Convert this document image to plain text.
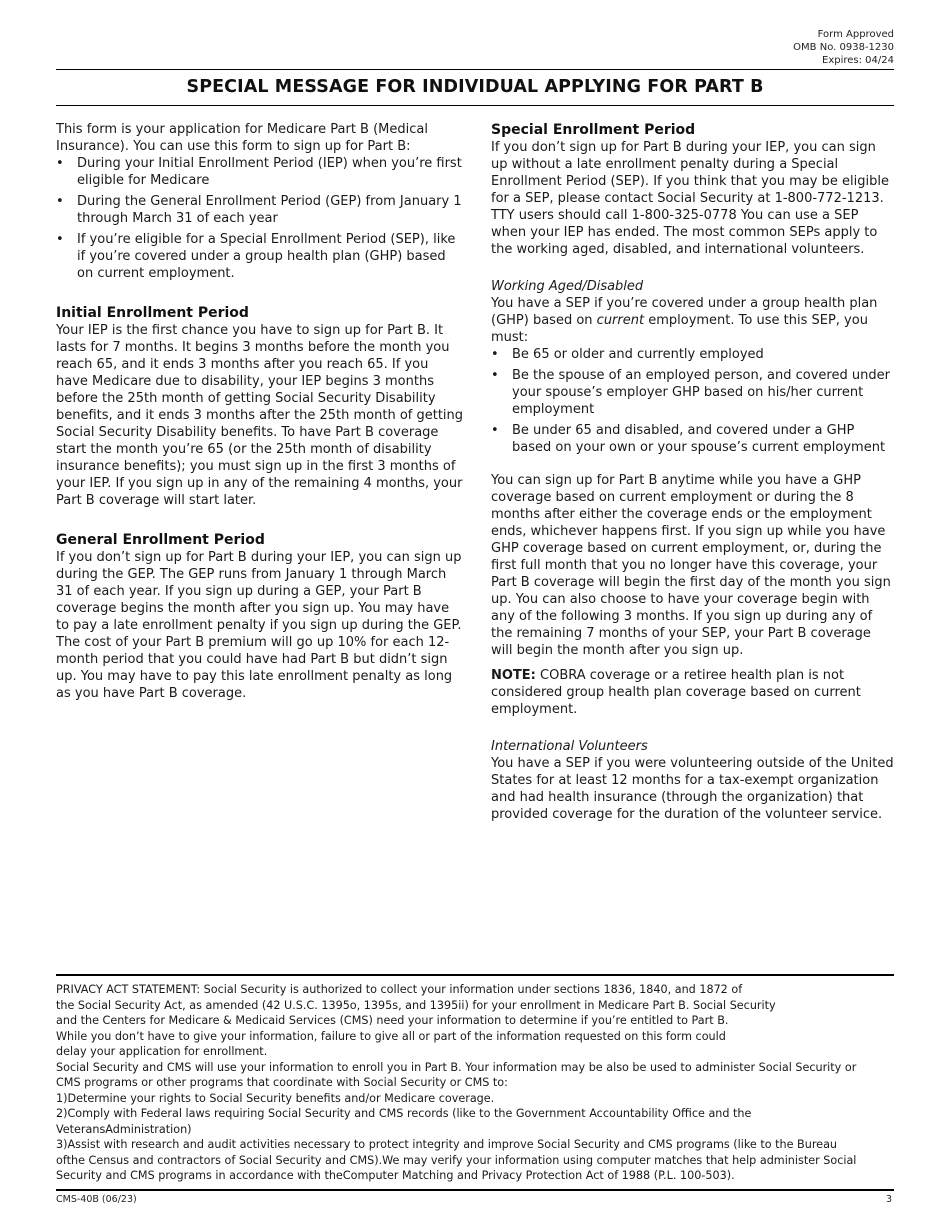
Form Approved
OMB No. 0938-1230
Expires: 04/24
SPECIAL MESSAGE FOR INDIVIDUAL APPLYING FOR PART B

This form is your application for Medicare Part B (Medical Insurance). You can use this form to sign up for Part B:

• During your Initial Enrollment Period (IEP) when you’re first eligible for Medicare
• During the General Enrollment Period (GEP) from January 1 through March 31 of each year
• If you’re eligible for a Special Enrollment Period (SEP), like if you’re covered under a group health plan (GHP) based on current employment.
Initial Enrollment Period

Your IEP is the first chance you have to sign up for Part B. It lasts for 7 months. It begins 3 months before the month you reach 65, and it ends 3 months after you reach 65. If you have Medicare due to disability, your IEP begins 3 months before the 25th month of getting Social Security Disability benefits, and it ends 3 months after the 25th month of getting Social Security Disability benefits. To have Part B coverage start the month you’re 65 (or the 25th month of disability insurance benefits); you must sign up in the first 3 months of your IEP. If you sign up in any of the remaining 4 months, your Part B coverage will start later.

General Enrollment Period

If you don’t sign up for Part B during your IEP, you can sign up during the GEP. The GEP runs from January 1 through March 31 of each year. If you sign up during a GEP, your Part B coverage begins the month after you sign up. You may have to pay a late enrollment penalty if you sign up during the GEP. The cost of your Part B premium will go up 10% for each 12-month period that you could have had Part B but didn’t sign up. You may have to pay this late enrollment penalty as long as you have Part B coverage.

Special Enrollment Period

If you don’t sign up for Part B during your IEP, you can sign up without a late enrollment penalty during a Special Enrollment Period (SEP). If you think that you may be eligible for a SEP, please contact Social Security at 1-800-772-1213. TTY users should call 1-800-325-0778 You can use a SEP when your IEP has ended. The most common SEPs apply to the working aged, disabled, and international volunteers.

Working Aged/Disabled

You have a SEP if you’re covered under a group health plan (GHP) based on current employment. To use this SEP, you must:

• Be 65 or older and currently employed
• Be the spouse of an employed person, and covered under your spouse’s employer GHP based on his/her current employment
• Be under 65 and disabled, and covered under a GHP based on your own or your spouse’s current employment

You can sign up for Part B anytime while you have a GHP coverage based on current employment or during the 8 months after either the coverage ends or the employment ends, whichever happens first. If you sign up while you have GHP coverage based on current employment, or, during the first full month that you no longer have this coverage, your Part B coverage will begin the first day of the month you sign up. You can also choose to have your coverage begin with any of the following 3 months. If you sign up during any of the remaining 7 months of your SEP, your Part B coverage will begin the month after you sign up.

NOTE: COBRA coverage or a retiree health plan is not considered group health plan coverage based on current employment.

International Volunteers

You have a SEP if you were volunteering outside of the United States for at least 12 months for a tax-exempt organization and had health insurance (through the organization) that provided coverage for the duration of the volunteer service.

PRIVACY ACT STATEMENT: Social Security is authorized to collect your information under sections 1836, 1840, and 1872 of
the Social Security Act, as amended (42 U.S.C. 1395o, 1395s, and 1395ii) for your enrollment in Medicare Part B. Social Security
and the Centers for Medicare & Medicaid Services (CMS) need your information to determine if you’re entitled to Part B.
While you don’t have to give your information, failure to give all or part of the information requested on this form could
delay your application for enrollment.
Social Security and CMS will use your information to enroll you in Part B. Your information may be also be used to administer Social Security or
CMS programs or other programs that coordinate with Social Security or CMS to:
1)Determine your rights to Social Security benefits and/or Medicare coverage.
2)Comply with Federal laws requiring Social Security and CMS records (like to the Government Accountability Office and the
VeteransAdministration)
3)Assist with research and audit activities necessary to protect integrity and improve Social Security and CMS programs (like to the Bureau
ofthe Census and contractors of Social Security and CMS).We may verify your information using computer matches that help administer Social
Security and CMS programs in accordance with theComputer Matching and Privacy Protection Act of 1988 (P.L. 100-503).
CMS-40B (06/23)	3
